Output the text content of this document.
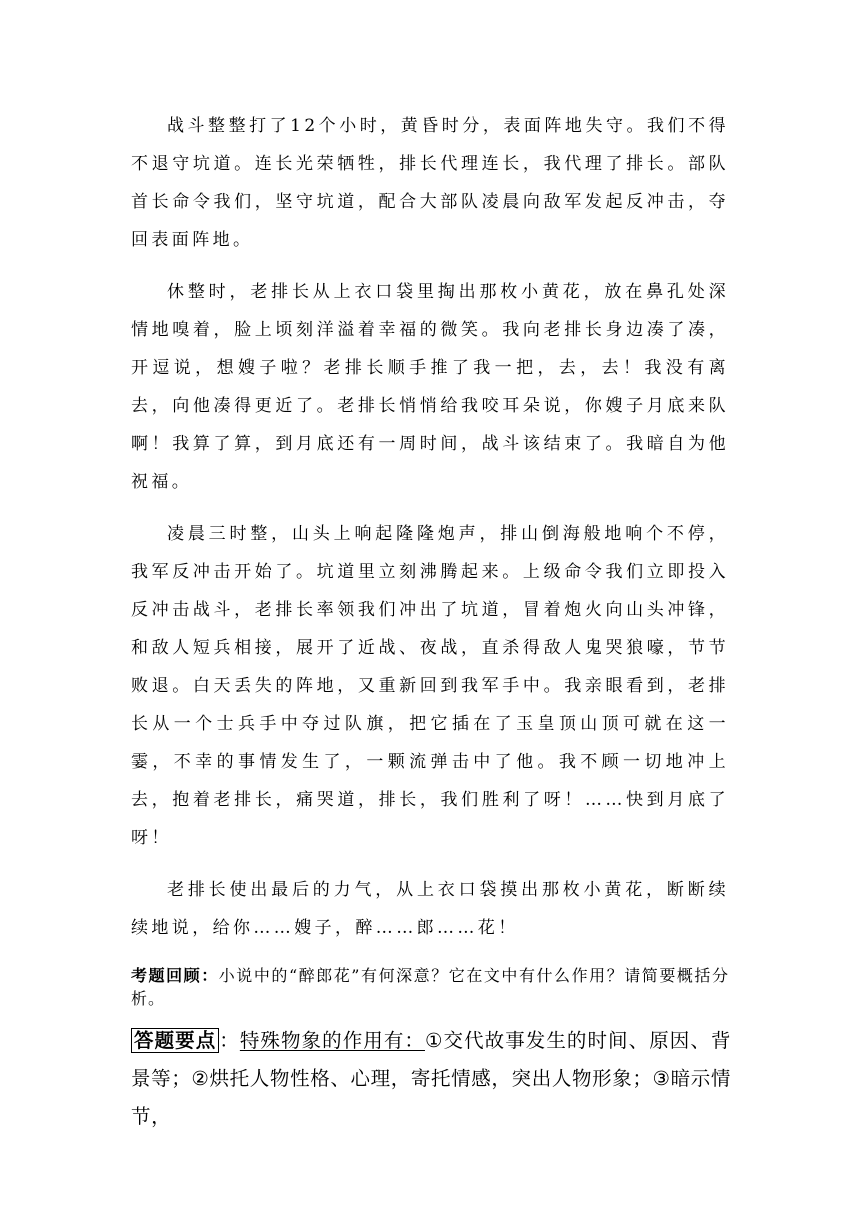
战斗整整打了12个小时，黄昏时分，表面阵地失守。我们不得不退守坑道。连长光荣牺牲，排长代理连长，我代理了排长。部队首长命令我们，坚守坑道，配合大部队凌晨向敌军发起反冲击，夺回表面阵地。

休整时，老排长从上衣口袋里掏出那枚小黄花，放在鼻孔处深情地嗅着，脸上顷刻洋溢着幸福的微笑。我向老排长身边凑了凑，开逗说，想嫂子啦？老排长顺手推了我一把，去，去！我没有离去，向他凑得更近了。老排长悄悄给我咬耳朵说，你嫂子月底来队啊！我算了算，到月底还有一周时间，战斗该结束了。我暗自为他祝福。

凌晨三时整，山头上响起隆隆炮声，排山倒海般地响个不停，我军反冲击开始了。坑道里立刻沸腾起来。上级命令我们立即投入反冲击战斗，老排长率领我们冲出了坑道，冒着炮火向山头冲锋，和敌人短兵相接，展开了近战、夜战，直杀得敌人鬼哭狼嚎，节节败退。白天丢失的阵地，又重新回到我军手中。我亲眼看到，老排长从一个士兵手中夺过队旗，把它插在了玉皇顶山顶可就在这一霎，不幸的事情发生了，一颗流弹击中了他。我不顾一切地冲上去，抱着老排长，痛哭道，排长，我们胜利了呀！……快到月底了呀！

老排长使出最后的力气，从上衣口袋摸出那枚小黄花，断断续续地说，给你……嫂子，醉……郎……花！

考题回顾：小说中的“醉郎花”有何深意？它在文中有什么作用？请简要概括分析。
答题要点 ：特殊物象的作用有：①交代故事发生的时间、原因、背景等；②烘托人物性格、心理，寄托情感，突出人物形象；③暗示情节，
